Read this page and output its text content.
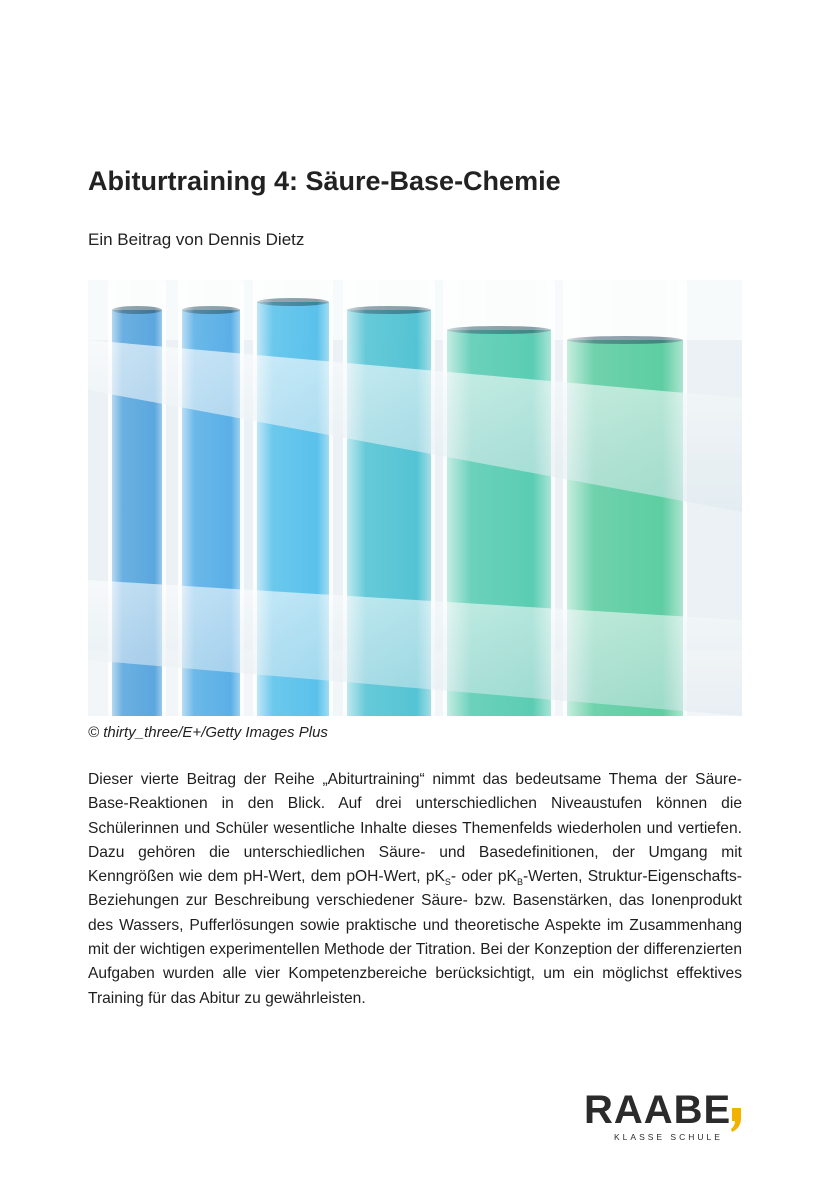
Abiturtraining 4: Säure-Base-Chemie
Ein Beitrag von Dennis Dietz
© thirty_three/E+/Getty Images Plus

Dieser vierte Beitrag der Reihe „Abiturtraining“ nimmt das bedeutsame Thema der Säure-Base-Reaktionen in den Blick. Auf drei unterschiedlichen Niveaustufen können die Schülerinnen und Schüler wesentliche Inhalte dieses Themenfelds wiederholen und vertiefen. Dazu gehören die unterschiedlichen Säure- und Basedefinitionen, der Umgang mit Kenngrößen wie dem pH-Wert, dem pOH-Wert, $pK_S-$ oder $pK_B$-Werten, Struktur-Eigenschafts-Beziehungen zur Beschreibung verschiedener Säure- bzw. Basenstärken, das Ionenprodukt des Wassers, Pufferlösungen sowie praktische und theoretische Aspekte im Zusammenhang mit der wichtigen experimentellen Methode der Titration. Bei der Konzeption der differenzierten Aufgaben wurden alle vier Kompetenzbereiche berücksichtigt, um ein möglichst effektives Training für das Abitur zu gewährleisten.

RAABE
KLASSE SCHULE
